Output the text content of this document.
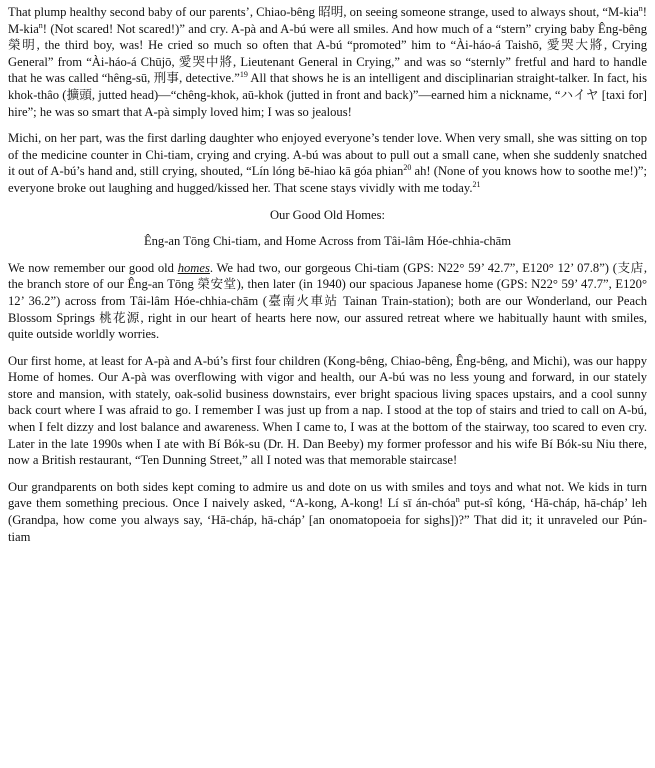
That plump healthy second baby of our parents’, Chiao-bêng 昭明, on seeing someone strange, used to always shout, “M-kia$^n$! M-kia$^n$! (Not scared! Not scared!)” and cry. A-pà and A-bú were all smiles. And how much of a “stern” crying baby Êng-bêng 榮明, the third boy, was! He cried so much so often that A-bú “promoted” him to “Ài-háo-á Taishō, 愛哭大將, Crying General” from “Ài-háo-á Chūjō, 愛哭中將, Lieutenant General in Crying,” and was so “sternly” fretful and hard to handle that he was called “hêng-sū, 刑事, detective.”$^{19}$ All that shows he is an intelligent and disciplinarian straight-talker. In fact, his khok-thâo (擴頭, jutted head)—“chêng-khok, aū-khok (jutted in front and back)”—earned him a nickname, “ハイヤ [taxi for] hire”; he was so smart that A-pà simply loved him; I was so jealous!

Michi, on her part, was the first darling daughter who enjoyed everyone’s tender love. When very small, she was sitting on top of the medicine counter in Chi-tiam, crying and crying. A-bú was about to pull out a small cane, when she suddenly snatched it out of A-bú’s hand and, still crying, shouted, “Lín lóng bē-hiao kā góa phian$^{20}$ ah! (None of you knows how to soothe me!)”; everyone broke out laughing and hugged/kissed her. That scene stays vividly with me today.$^{21}$

Our Good Old Homes:

Êng-an Tōng Chi-tiam, and Home Across from Tâi-lâm Hóe-chhia-chām

We now remember our good old homes. We had two, our gorgeous Chi-tiam (GPS: N22° 59’ 42.7”, E120° 12’ 07.8”) (支店, the branch store of our Êng-an Tōng 榮安堂), then later (in 1940) our spacious Japanese home (GPS: N22° 59’ 47.7”, E120° 12’ 36.2”) across from Tâi-lâm Hóe-chhia-chām (臺南火車站 Tainan Train-station); both are our Wonderland, our Peach Blossom Springs 桃花源, right in our heart of hearts here now, our assured retreat where we habitually haunt with smiles, quite outside worldly worries.

Our first home, at least for A-pà and A-bú’s first four children (Kong-bêng, Chiao-bêng, Êng-bêng, and Michi), was our happy Home of homes. Our A-pà was overflowing with vigor and health, our A-bú was no less young and forward, in our stately store and mansion, with stately, oak-solid business downstairs, ever bright spacious living spaces upstairs, and a cool sunny back court where I was afraid to go. I remember I was just up from a nap. I stood at the top of stairs and tried to call on A-bú, when I felt dizzy and lost balance and awareness. When I came to, I was at the bottom of the stairway, too scared to even cry. Later in the late 1990s when I ate with Bí Bók-su (Dr. H. Dan Beeby) my former professor and his wife Bí Bók-su Niu there, now a British restaurant, “Ten Dunning Street,” all I noted was that memorable staircase!

Our grandparents on both sides kept coming to admire us and dote on us with smiles and toys and what not. We kids in turn gave them something precious. Once I naively asked, “A-kong, A-kong! Lí sī án-chóa$^n$ put-sî kóng, ‘Hā-cháp, hā-cháp’ leh (Grandpa, how come you always say, ‘Hā-cháp, hā-cháp’ [an onomatopoeia for sighs])?” That did it; it unraveled our Pún-tiam
